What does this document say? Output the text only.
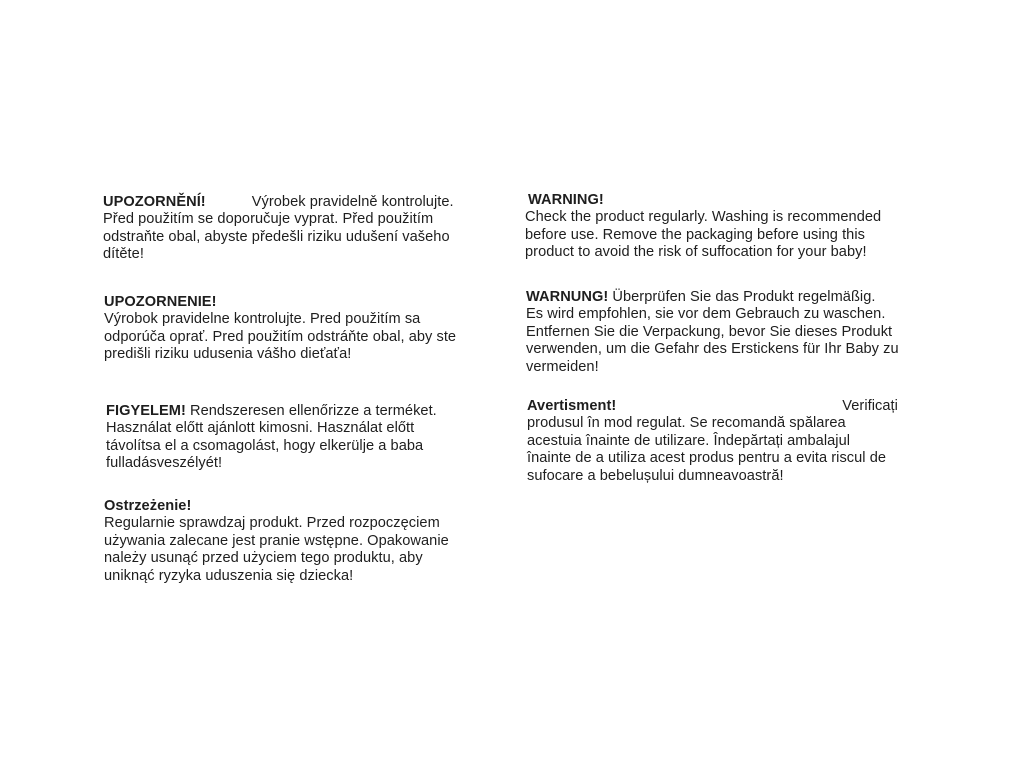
UPOZORNĚNÍ!	Výrobek pravidelně kontrolujte.
Před použitím se doporučuje vyprat. Před použitím
odstraňte obal, abyste předešli riziku udušení vašeho
dítěte!
UPOZORNENIE!
Výrobok pravidelne kontrolujte. Pred použitím sa
odporúča oprať. Pred použitím odstráňte obal, aby ste
predišli riziku udusenia vášho dieťaťa!
FIGYELEM! Rendszeresen ellenőrizze a terméket.
Használat előtt ajánlott kimosni. Használat előtt
távolítsa el a csomagolást, hogy elkerülje a baba
fulladásveszélyét!
Ostrzeżenie!
Regularnie sprawdzaj produkt. Przed rozpoczęciem
używania zalecane jest pranie wstępne. Opakowanie
należy usunąć przed użyciem tego produktu, aby
uniknąć ryzyka uduszenia się dziecka!
WARNING!
Check the product regularly. Washing is recommended
before use. Remove the packaging before using this
product to avoid the risk of suffocation for your baby!
WARNUNG! Überprüfen Sie das Produkt regelmäßig.
Es wird empfohlen, sie vor dem Gebrauch zu waschen.
Entfernen Sie die Verpackung, bevor Sie dieses Produkt
verwenden, um die Gefahr des Erstickens für Ihr Baby zu
vermeiden!
Avertisment!	Verificați
produsul în mod regulat. Se recomandă spălarea
acestuia înainte de utilizare. Îndepărtați ambalajul
înainte de a utiliza acest produs pentru a evita riscul de
sufocare a bebelușului dumneavoastră!
